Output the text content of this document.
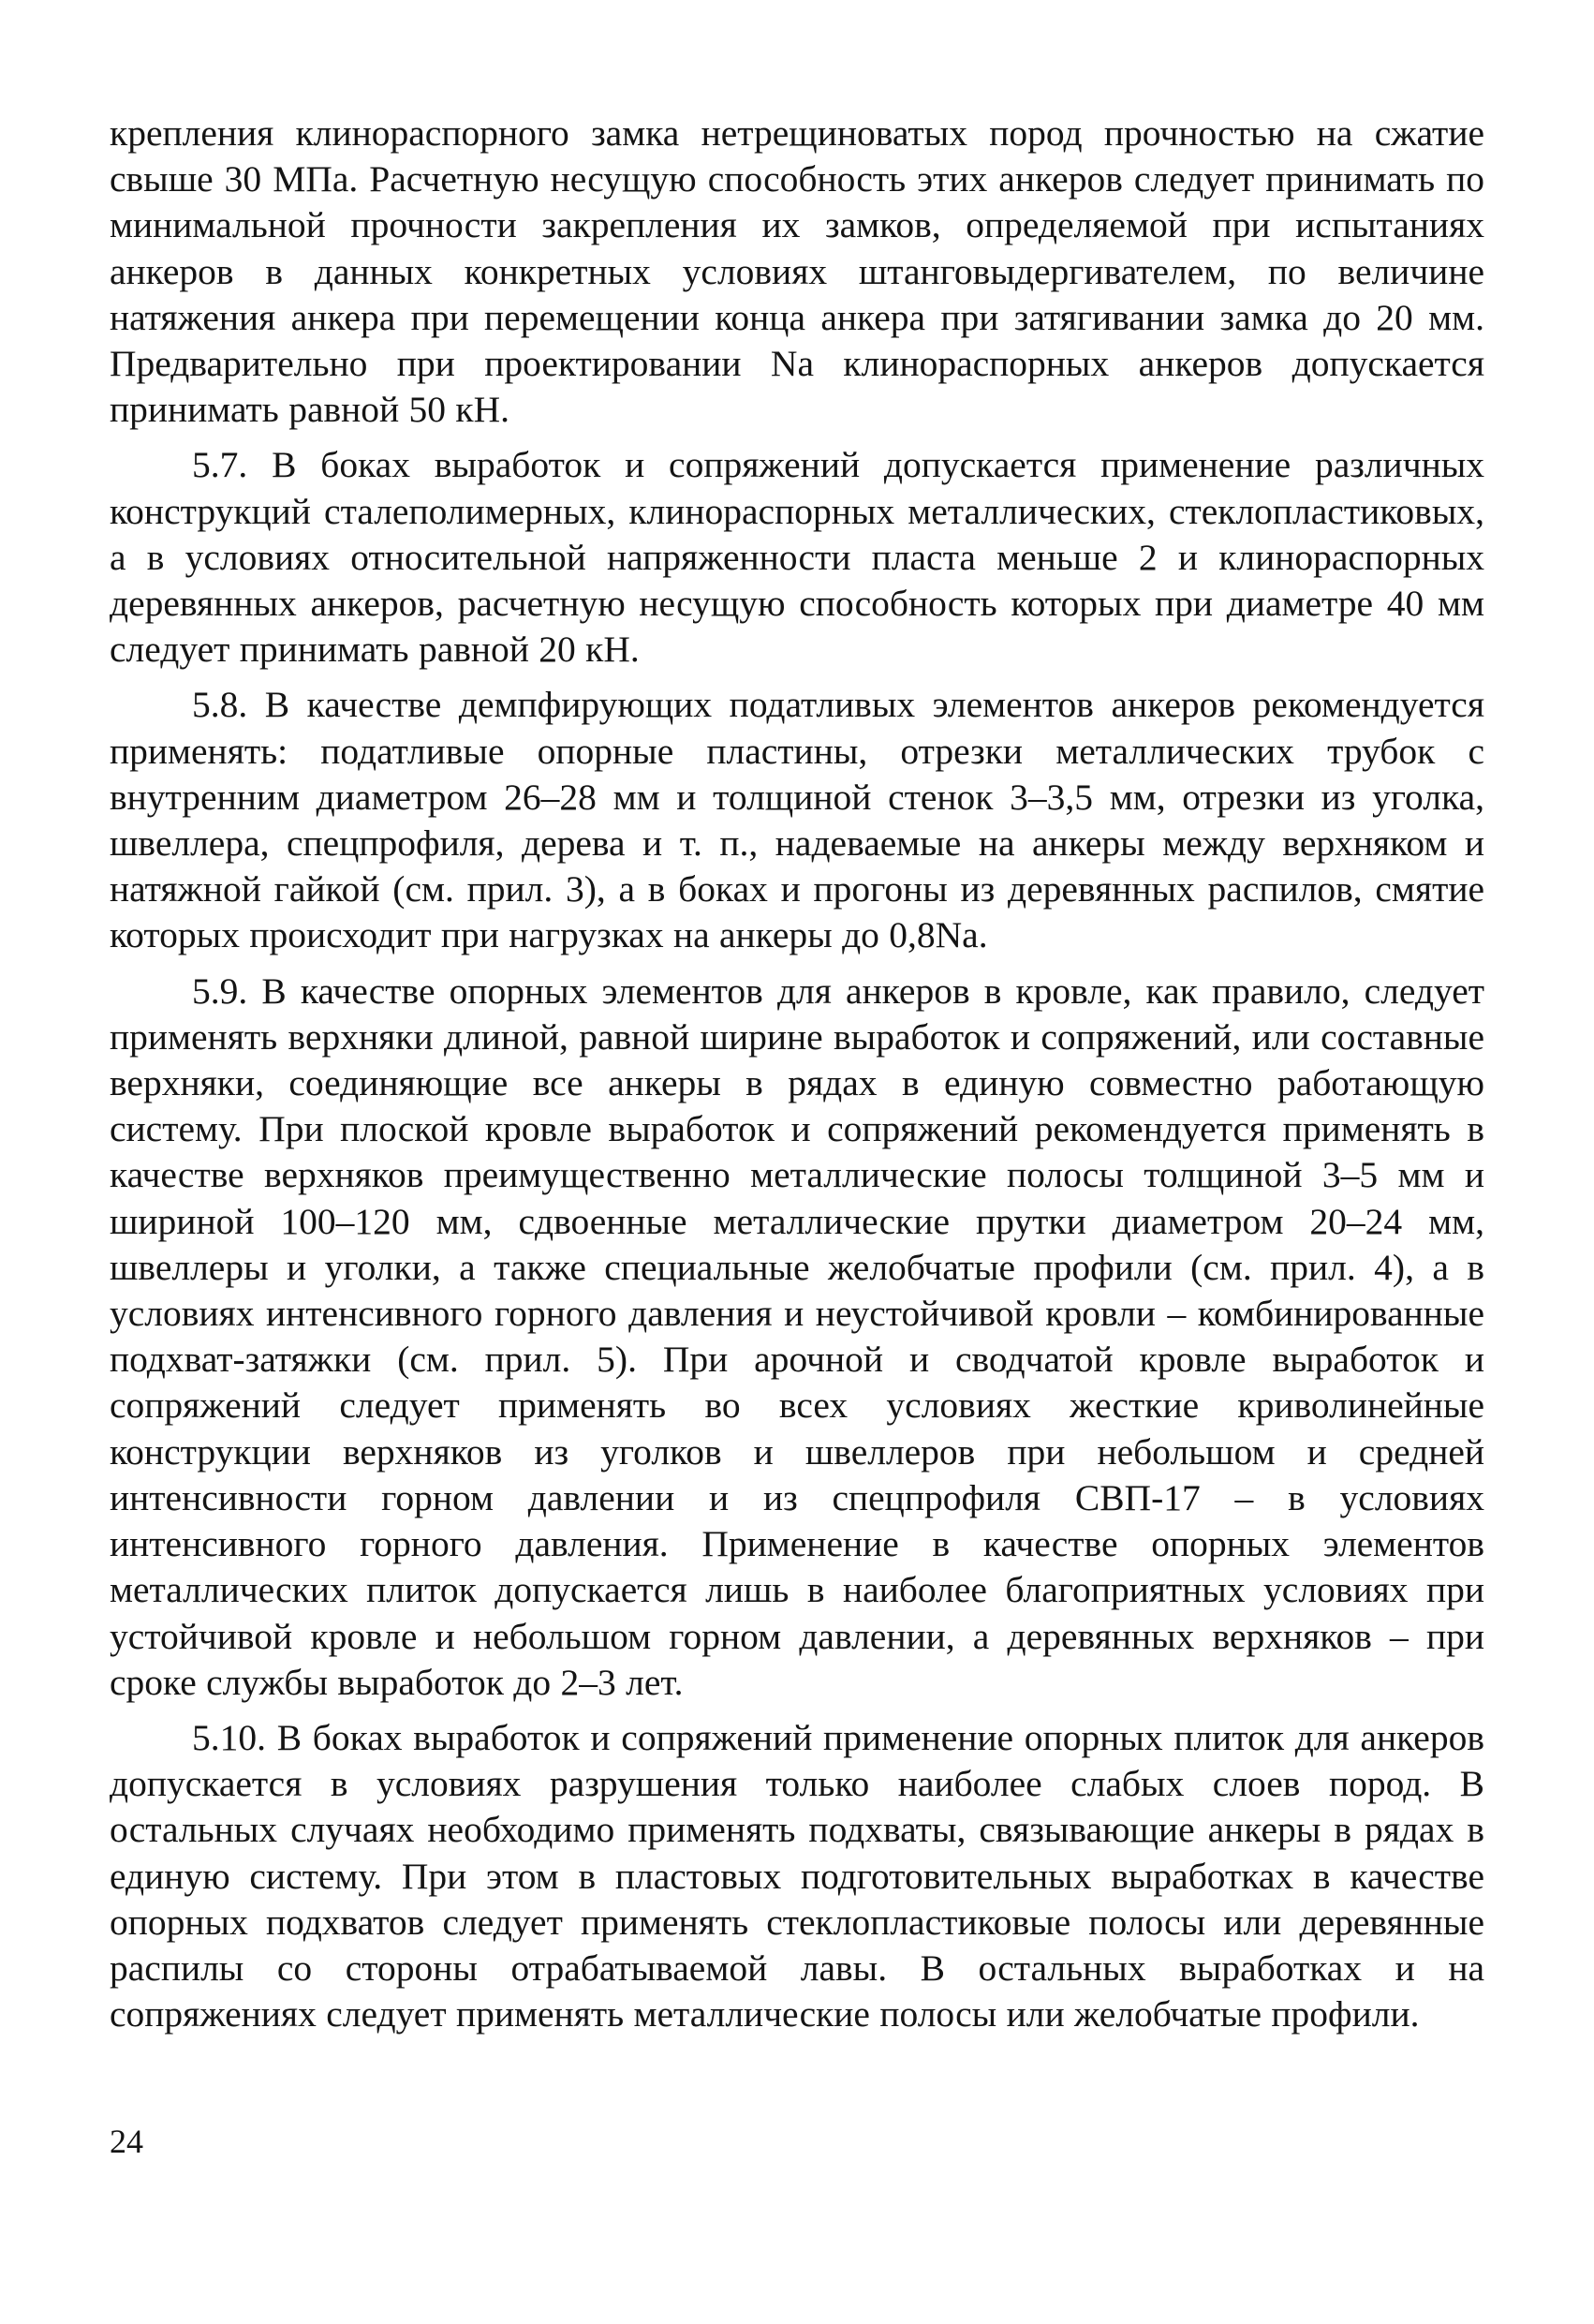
крепления клинораспорного замка нетрещиноватых пород прочностью на сжатие свыше 30 МПа. Расчетную несущую способность этих анкеров следует принимать по минимальной прочности закрепления их замков, определяемой при испытаниях анкеров в данных конкретных условиях штанговыдергивателем, по величине натяжения анкера при перемещении конца анкера при затягивании замка до 20 мм. Предварительно при проектировании Nа клинораспорных анкеров допускается принимать равной 50 кН.

5.7. В боках выработок и сопряжений допускается применение различных конструкций сталеполимерных, клинораспорных металлических, стеклопластиковых, а в условиях относительной напряженности пласта меньше 2 и клинораспорных деревянных анкеров, расчетную несущую способность которых при диаметре 40 мм следует принимать равной 20 кН.

5.8. В качестве демпфирующих податливых элементов анкеров рекомендуется применять: податливые опорные пластины, отрезки металлических трубок с внутренним диаметром 26–28 мм и толщиной стенок 3–3,5 мм, отрезки из уголка, швеллера, спецпрофиля, дерева и т. п., надеваемые на анкеры между верхняком и натяжной гайкой (см. прил. 3), а в боках и прогоны из деревянных распилов, смятие которых происходит при нагрузках на анкеры до 0,8Nа.

5.9. В качестве опорных элементов для анкеров в кровле, как правило, следует применять верхняки длиной, равной ширине выработок и сопряжений, или составные верхняки, соединяющие все анкеры в рядах в единую совместно работающую систему. При плоской кровле выработок и сопряжений рекомендуется применять в качестве верхняков преимущественно металлические полосы толщиной 3–5 мм и шириной 100–120 мм, сдвоенные металлические прутки диаметром 20–24 мм, швеллеры и уголки, а также специальные желобчатые профили (см. прил. 4), а в условиях интенсивного горного давления и неустойчивой кровли – комбинированные подхват-затяжки (см. прил. 5). При арочной и сводчатой кровле выработок и сопряжений следует применять во всех условиях жесткие криволинейные конструкции верхняков из уголков и швеллеров при небольшом и средней интенсивности горном давлении и из спецпрофиля СВП-17 – в условиях интенсивного горного давления. Применение в качестве опорных элементов металлических плиток допускается лишь в наиболее благоприятных условиях при устойчивой кровле и небольшом горном давлении, а деревянных верхняков – при сроке службы выработок до 2–3 лет.

5.10. В боках выработок и сопряжений применение опорных плиток для анкеров допускается в условиях разрушения только наиболее слабых слоев пород. В остальных случаях необходимо применять подхваты, связывающие анкеры в рядах в единую систему. При этом в пластовых подготовительных выработках в качестве опорных подхватов следует применять стеклопластиковые полосы или деревянные распилы со стороны отрабатываемой лавы. В остальных выработках и на сопряжениях следует применять металлические полосы или желобчатые профили.

24
